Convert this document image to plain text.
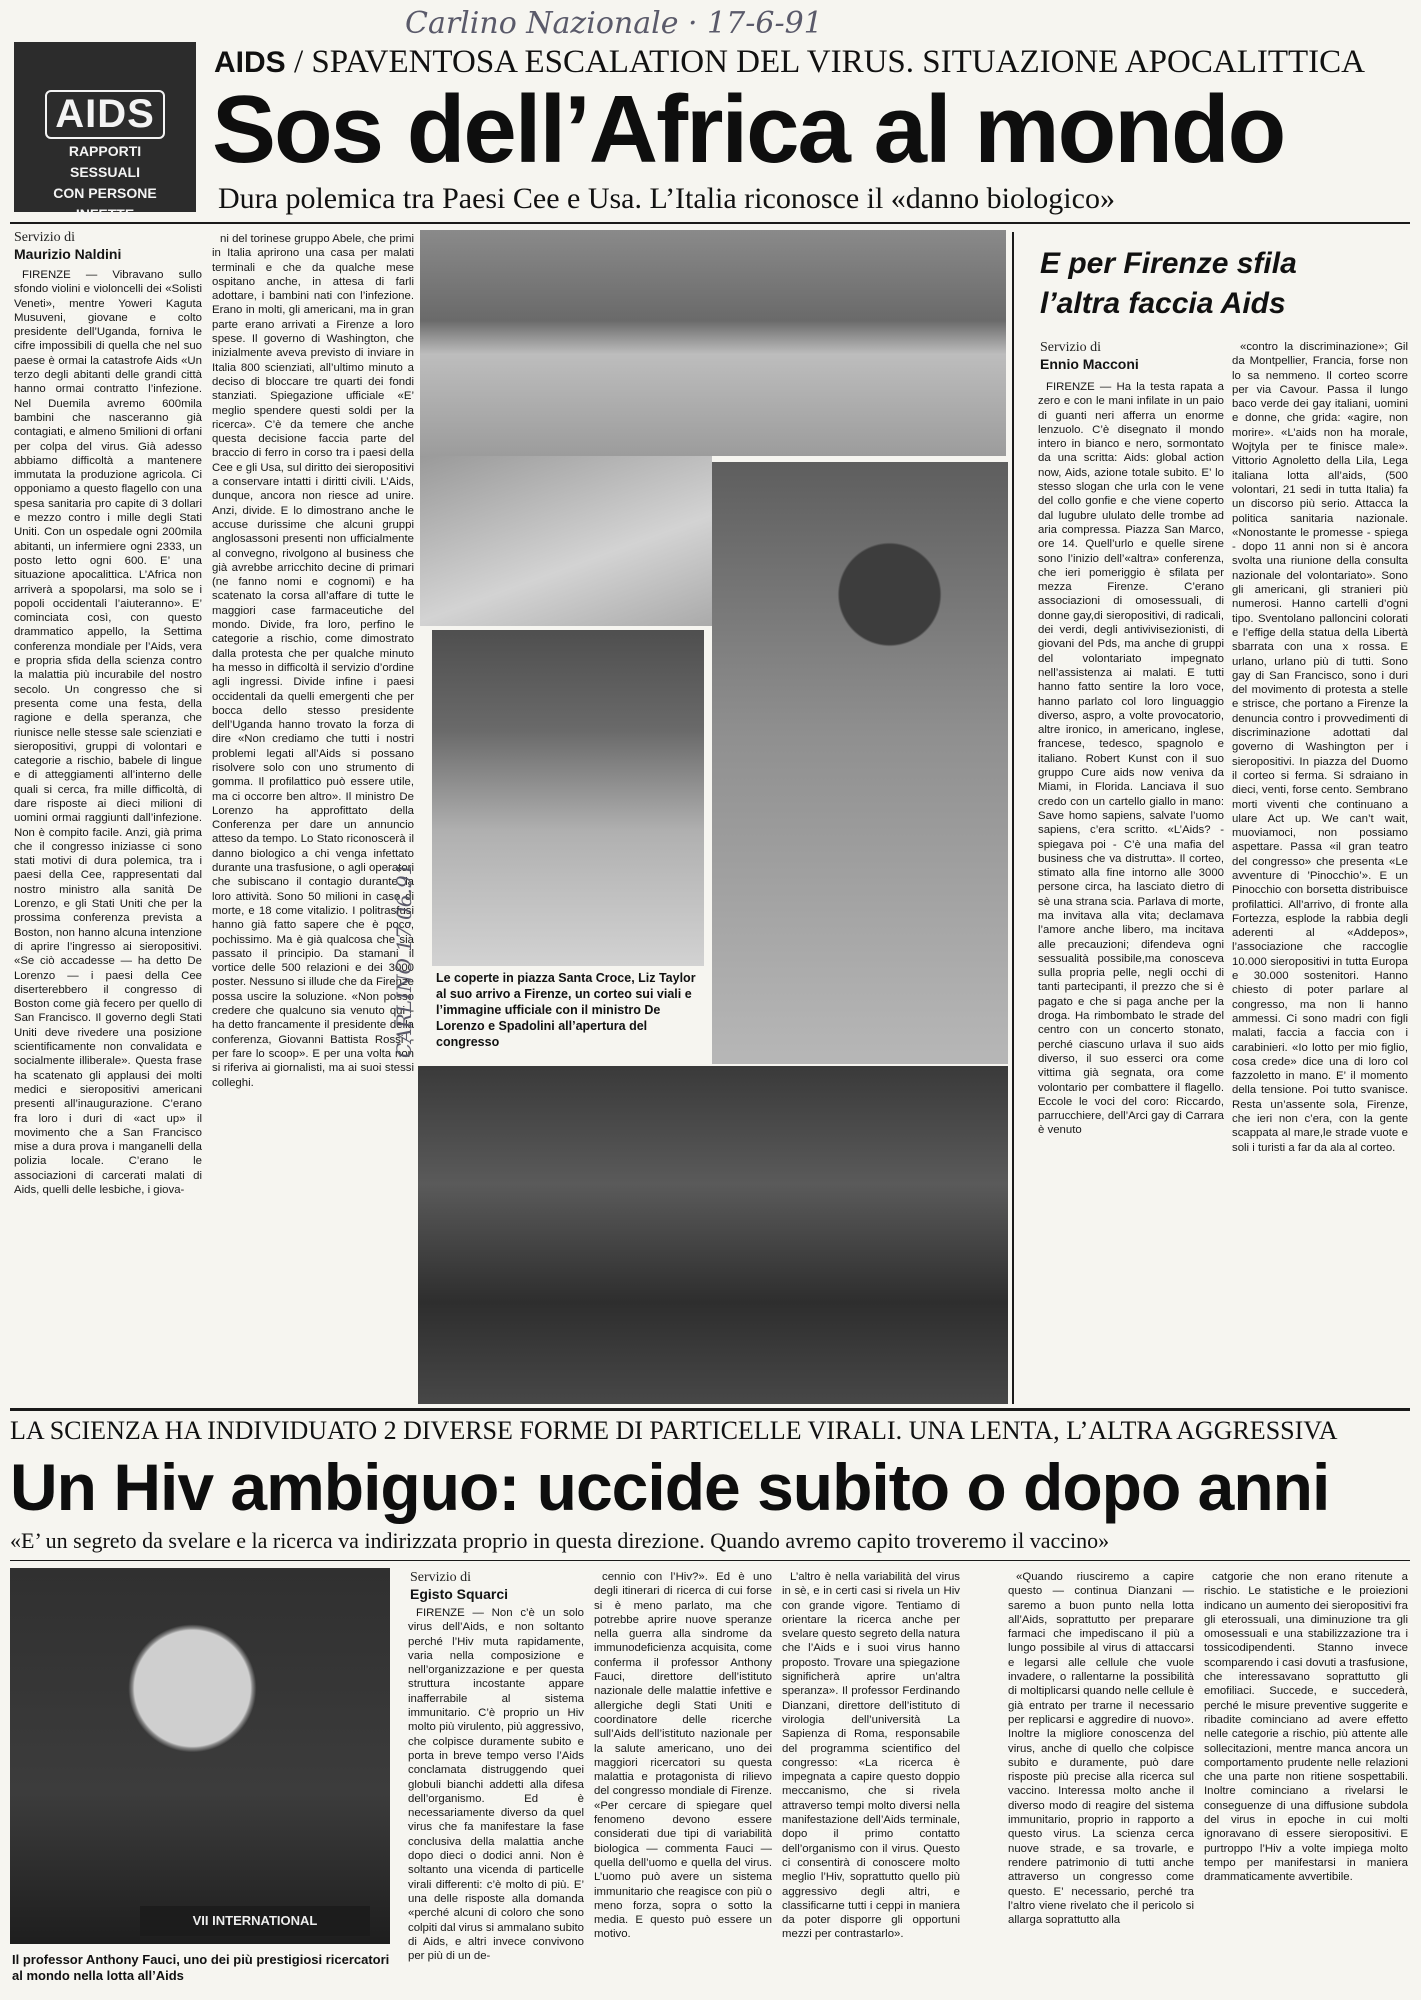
Carlino Nazionale · 17-6-91
AIDS
RAPPORTI
SESSUALI
CON PERSONE
INFETTE
AIDS / SPAVENTOSA ESCALATION DEL VIRUS. SITUAZIONE APOCALITTICA
Sos dell’Africa al mondo
Dura polemica tra Paesi Cee e Usa. L’Italia riconosce il «danno biologico»
Servizio di
Maurizio Naldini

FIRENZE — Vibravano sullo sfondo violini e violoncelli dei «Solisti Veneti», mentre Yoweri Kaguta Musuveni, giovane e colto presidente dell’Uganda, forniva le cifre impossibili di quella che nel suo paese è ormai la catastrofe Aids «Un terzo degli abitanti delle grandi città hanno ormai contratto l’infezione. Nel Duemila avremo 600mila bambini che nasceranno già contagiati, e almeno 5milioni di orfani per colpa del virus. Già adesso abbiamo difficoltà a mantenere immutata la produzione agricola. Ci opponiamo a questo flagello con una spesa sanitaria pro capite di 3 dollari e mezzo contro i mille degli Stati Uniti. Con un ospedale ogni 200mila abitanti, un infermiere ogni 2333, un posto letto ogni 600. E’ una situazione apocalittica. L’Africa non arriverà a spopolarsi, ma solo se i popoli occidentali l’aiuteranno». E’ cominciata così, con questo drammatico appello, la Settima conferenza mondiale per l’Aids, vera e propria sfida della scienza contro la malattia più incurabile del nostro secolo. Un congresso che si presenta come una festa, della ragione e della speranza, che riunisce nelle stesse sale scienziati e sieropositivi, gruppi di volontari e categorie a rischio, babele di lingue e di atteggiamenti all’interno delle quali si cerca, fra mille difficoltà, di dare risposte ai dieci milioni di uomini ormai raggiunti dall’infezione. Non è compito facile. Anzi, già prima che il congresso iniziasse ci sono stati motivi di dura polemica, tra i paesi della Cee, rappresentati dal nostro ministro alla sanità De Lorenzo, e gli Stati Uniti che per la prossima conferenza prevista a Boston, non hanno alcuna intenzione di aprire l’ingresso ai sieropositivi. «Se ciò accadesse — ha detto De Lorenzo — i paesi della Cee diserterebbero il congresso di Boston come già fecero per quello di San Francisco. Il governo degli Stati Uniti deve rivedere una posizione scientificamente non convalidata e socialmente illiberale». Questa frase ha scatenato gli applausi dei molti medici e sieropositivi americani presenti all’inaugurazione. C’erano fra loro i duri di «act up» il movimento che a San Francisco mise a dura prova i manganelli della polizia locale. C’erano le associazioni di carcerati malati di Aids, quelli delle lesbiche, i giova-

ni del torinese gruppo Abele, che primi in Italia aprirono una casa per malati terminali e che da qualche mese ospitano anche, in attesa di farli adottare, i bambini nati con l’infezione. Erano in molti, gli americani, ma in gran parte erano arrivati a Firenze a loro spese. Il governo di Washington, che inizialmente aveva previsto di inviare in Italia 800 scienziati, all’ultimo minuto a deciso di bloccare tre quarti dei fondi stanziati. Spiegazione ufficiale «E’ meglio spendere questi soldi per la ricerca». C’è da temere che anche questa decisione faccia parte del braccio di ferro in corso tra i paesi della Cee e gli Usa, sul diritto dei sieropositivi a conservare intatti i diritti civili. L’Aids, dunque, ancora non riesce ad unire. Anzi, divide. E lo dimostrano anche le accuse durissime che alcuni gruppi anglosassoni presenti non ufficialmente al convegno, rivolgono al business che già avrebbe arricchito decine di primari (ne fanno nomi e cognomi) e ha scatenato la corsa all’affare di tutte le maggiori case farmaceutiche del mondo. Divide, fra loro, perfino le categorie a rischio, come dimostrato dalla protesta che per qualche minuto ha messo in difficoltà il servizio d’ordine agli ingressi. Divide infine i paesi occidentali da quelli emergenti che per bocca dello stesso presidente dell’Uganda hanno trovato la forza di dire «Non crediamo che tutti i nostri problemi legati all’Aids si possano risolvere solo con uno strumento di gomma. Il profilattico può essere utile, ma ci occorre ben altro». Il ministro De Lorenzo ha approfittato della Conferenza per dare un annuncio atteso da tempo. Lo Stato riconoscerà il danno biologico a chi venga infettato durante una trasfusione, o agli operatori che subiscano il contagio durante la loro attività. Sono 50 milioni in caso di morte, e 18 come vitalizio. I politrasfusi hanno già fatto sapere che è poco, pochissimo. Ma è già qualcosa che sia passato il principio. Da stamani il vortice delle 500 relazioni e dei 3000 poster. Nessuno si illude che da Firenze possa uscire la soluzione. «Non posso credere che qualcuno sia venuto qui - ha detto francamente il presidente della conferenza, Giovanni Battista Rossi - per fare lo scoop». E per una volta non si riferiva ai giornalisti, ma ai suoi stessi colleghi.

CARLINO 17.06.91	Le coperte in piazza Santa Croce, Liz Taylor al suo arrivo a Firenze, un corteo sui viali e l’immagine ufficiale con il ministro De Lorenzo e Spadolini all’apertura del congresso
E per Firenze sfila
l’altra faccia Aids
Servizio di
Ennio Macconi

FIRENZE — Ha la testa rapata a zero e con le mani infilate in un paio di guanti neri afferra un enorme lenzuolo. C’è disegnato il mondo intero in bianco e nero, sormontato da una scritta: Aids: global action now, Aids, azione totale subito. E’ lo stesso slogan che urla con le vene del collo gonfie e che viene coperto dal lugubre ululato delle trombe ad aria compressa. Piazza San Marco, ore 14. Quell’urlo e quelle sirene sono l’inizio dell’«altra» conferenza, che ieri pomeriggio è sfilata per mezza Firenze. C’erano associazioni di omosessuali, di donne gay,di sieropositivi, di radicali, dei verdi, degli antivivisezionisti, di giovani del Pds, ma anche di gruppi del volontariato impegnato nell’assistenza ai malati. E tutti hanno fatto sentire la loro voce, hanno parlato col loro linguaggio diverso, aspro, a volte provocatorio, altre ironico, in americano, inglese, francese, tedesco, spagnolo e italiano. Robert Kunst con il suo gruppo Cure aids now veniva da Miami, in Florida. Lanciava il suo credo con un cartello giallo in mano: Save homo sapiens, salvate l’uomo sapiens, c’era scritto. «L’Aids? - spiegava poi - C’è una mafia del business che va distrutta». Il corteo, stimato alla fine intorno alle 3000 persone circa, ha lasciato dietro di sè una strana scia. Parlava di morte, ma invitava alla vita; declamava l’amore anche libero, ma incitava alle precauzioni; difendeva ogni sessualità possibile,ma conosceva sulla propria pelle, negli occhi di tanti partecipanti, il prezzo che si è pagato e che si paga anche per la droga. Ha rimbombato le strade del centro con un concerto stonato, perché ciascuno urlava il suo aids diverso, il suo esserci ora come vittima già segnata, ora come volontario per combattere il flagello. Eccole le voci del coro: Riccardo, parrucchiere, dell’Arci gay di Carrara è venuto

«contro la discriminazione»; Gil da Montpellier, Francia, forse non lo sa nemmeno. Il corteo scorre per via Cavour. Passa il lungo baco verde dei gay italiani, uomini e donne, che grida: «agire, non morire». «L’aids non ha morale, Wojtyla per te finisce male». Vittorio Agnoletto della Lila, Lega italiana lotta all’aids, (500 volontari, 21 sedi in tutta Italia) fa un discorso più serio. Attacca la politica sanitaria nazionale. «Nonostante le promesse - spiega - dopo 11 anni non si è ancora svolta una riunione della consulta nazionale del volontariato». Sono gli americani, gli stranieri più numerosi. Hanno cartelli d’ogni tipo. Sventolano palloncini colorati e l’effige della statua della Libertà sbarrata con una x rossa. E urlano, urlano più di tutti. Sono gay di San Francisco, sono i duri del movimento di protesta a stelle e strisce, che portano a Firenze la denuncia contro i provvedimenti di discriminazione adottati dal governo di Washington per i sieropositivi. In piazza del Duomo il corteo si ferma. Si sdraiano in dieci, venti, forse cento. Sembrano morti viventi che continuano a ulare Act up. We can’t wait, muoviamoci, non possiamo aspettare. Passa «il gran teatro del congresso» che presenta «Le avventure di ’Pinocchio’». E un Pinocchio con borsetta distribuisce profilattici. All’arrivo, di fronte alla Fortezza, esplode la rabbia degli aderenti al «Addepos», l’associazione che raccoglie 10.000 sieropositivi in tutta Europa e 30.000 sostenitori. Hanno chiesto di poter parlare al congresso, ma non li hanno ammessi. Ci sono madri con figli malati, faccia a faccia con i carabinieri. «Io lotto per mio figlio, cosa crede» dice una di loro col fazzoletto in mano. E’ il momento della tensione. Poi tutto svanisce. Resta un’assente sola, Firenze, che ieri non c’era, con la gente scappata al mare,le strade vuote e soli i turisti a far da ala al corteo.

LA SCIENZA HA INDIVIDUATO 2 DIVERSE FORME DI PARTICELLE VIRALI. UNA LENTA, L’ALTRA AGGRESSIVA
Un Hiv ambiguo: uccide subito o dopo anni
«E’ un segreto da svelare e la ricerca va indirizzata proprio in questa direzione. Quando avremo capito troveremo il vaccino»
VII INTERNATIONAL
Il professor Anthony Fauci, uno dei più prestigiosi ricercatori al mondo nella lotta all’Aids
Servizio di
Egisto Squarci

FIRENZE — Non c’è un solo virus dell’Aids, e non soltanto perché l’Hiv muta rapidamente, varia nella composizione e nell’organizzazione e per questa struttura incostante appare inafferrabile al sistema immunitario. C’è proprio un Hiv molto più virulento, più aggressivo, che colpisce duramente subito e porta in breve tempo verso l’Aids conclamata distruggendo quei globuli bianchi addetti alla difesa dell’organismo. Ed è necessariamente diverso da quel virus che fa manifestare la fase conclusiva della malattia anche dopo dieci o dodici anni. Non è soltanto una vicenda di particelle virali differenti: c’è molto di più. E’ una delle risposte alla domanda «perché alcuni di coloro che sono colpiti dal virus si ammalano subito di Aids, e altri invece convivono per più di un de-

cennio con l’Hiv?». Ed è uno degli itinerari di ricerca di cui forse si è meno parlato, ma che potrebbe aprire nuove speranze nella guerra alla sindrome da immunodeficienza acquisita, come conferma il professor Anthony Fauci, direttore dell’istituto nazionale delle malattie infettive e allergiche degli Stati Uniti e coordinatore delle ricerche sull’Aids dell’istituto nazionale per la salute americano, uno dei maggiori ricercatori su questa malattia e protagonista di rilievo del congresso mondiale di Firenze. «Per cercare di spiegare quel fenomeno devono essere considerati due tipi di variabilità biologica — commenta Fauci — quella dell’uomo e quella del virus. L’uomo può avere un sistema immunitario che reagisce con più o meno forza, sopra o sotto la media. E questo può essere un motivo.

L’altro è nella variabilità del virus in sè, e in certi casi si rivela un Hiv con grande vigore. Tentiamo di orientare la ricerca anche per svelare questo segreto della natura che l’Aids e i suoi virus hanno proposto. Trovare una spiegazione significherà aprire un’altra speranza». Il professor Ferdinando Dianzani, direttore dell’istituto di virologia dell’università La Sapienza di Roma, responsabile del programma scientifico del congresso: «La ricerca è impegnata a capire questo doppio meccanismo, che si rivela attraverso tempi molto diversi nella manifestazione dell’Aids terminale, dopo il primo contatto dell’organismo con il virus. Questo ci consentirà di conoscere molto meglio l’Hiv, soprattutto quello più aggressivo degli altri, e classificarne tutti i ceppi in maniera da poter disporre gli opportuni mezzi per contrastarlo».

«Quando riusciremo a capire questo — continua Dianzani — saremo a buon punto nella lotta all’Aids, soprattutto per preparare farmaci che impediscano il più a lungo possibile al virus di attaccarsi e legarsi alle cellule che vuole invadere, o rallentarne la possibilità di moltiplicarsi quando nelle cellule è già entrato per trarne il necessario per replicarsi e aggredire di nuovo». Inoltre la migliore conoscenza del virus, anche di quello che colpisce subito e duramente, può dare risposte più precise alla ricerca sul vaccino. Interessa molto anche il diverso modo di reagire del sistema immunitario, proprio in rapporto a questo virus. La scienza cerca nuove strade, e sa trovarle, e rendere patrimonio di tutti anche attraverso un congresso come questo. E’ necessario, perché tra l’altro viene rivelato che il pericolo si allarga soprattutto alla

catgorie che non erano ritenute a rischio. Le statistiche e le proiezioni indicano un aumento dei sieropositivi fra gli eterossuali, una diminuzione tra gli omosessuali e una stabilizzazione tra i tossicodipendenti. Stanno invece scomparendo i casi dovuti a trasfusione, che interessavano soprattutto gli emofiliaci. Succede, e succederà, perché le misure preventive suggerite e ribadite cominciano ad avere effetto nelle categorie a rischio, più attente alle sollecitazioni, mentre manca ancora un comportamento prudente nelle relazioni che una parte non ritiene sospettabili. Inoltre cominciano a rivelarsi le conseguenze di una diffusione subdola del virus in epoche in cui molti ignoravano di essere sieropositivi. E purtroppo l’Hiv a volte impiega molto tempo per manifestarsi in maniera drammaticamente avvertibile.
